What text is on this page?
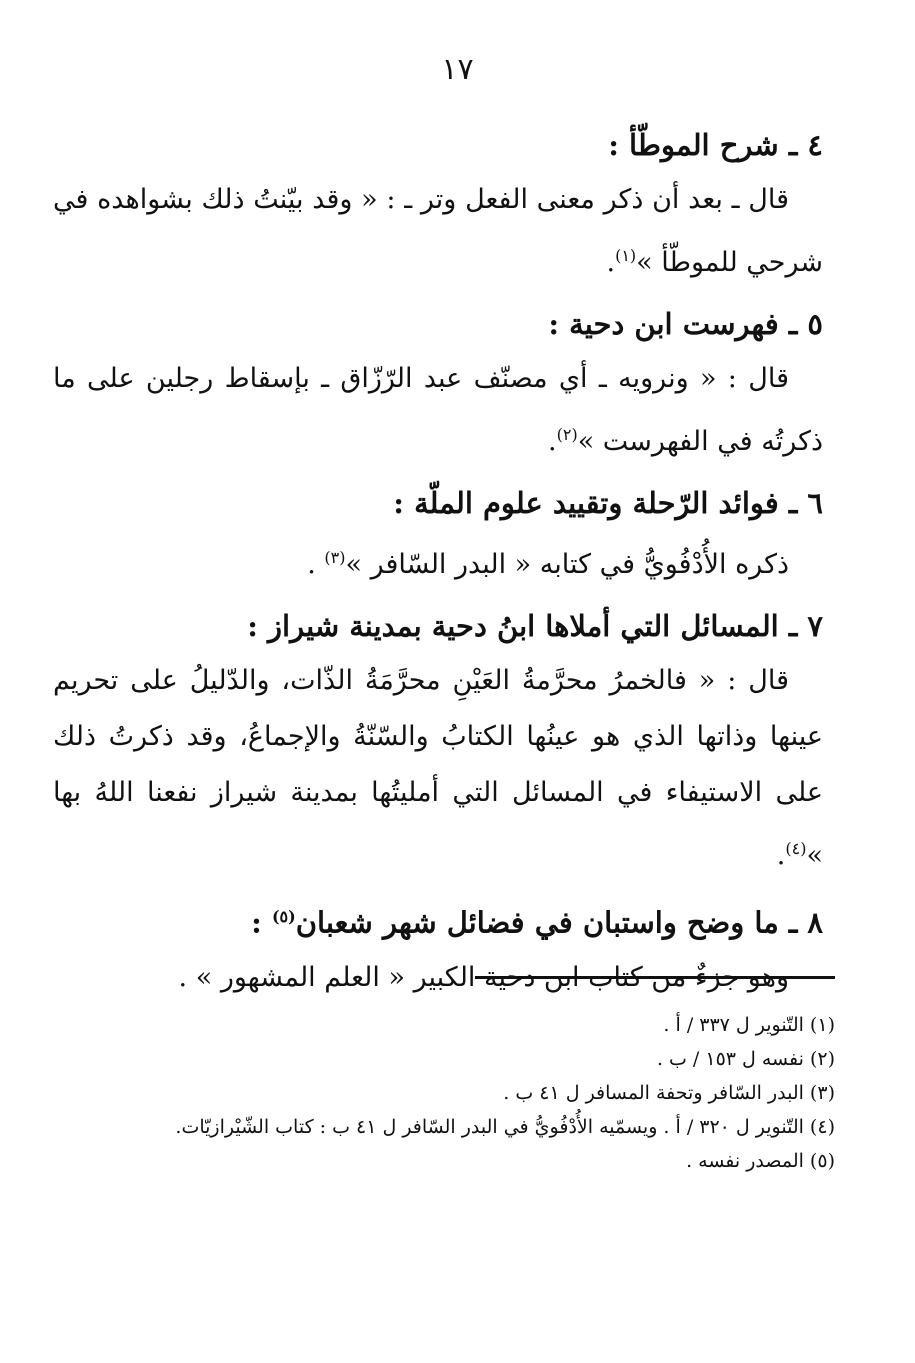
١٧
٤ ـ شرح الموطّأ :

قال ـ بعد أن ذكر معنى الفعل وتر ـ : « وقد بيّنتُ ذلك بشواهده في شرحي للموطّأ »$^{(١)}$.

٥ ـ فهرست ابن دحية :

قال : « ونرويه ـ أي مصنّف عبد الرّزّاق ـ بإسقاط رجلين على ما ذكرتُه في الفهرست »$^{(٢)}$.

٦ ـ فوائد الرّحلة وتقييد علوم الملّة :

ذكره الأُدْفُويُّ في كتابه « البدر السّافر »$^{(٣)}$ .

٧ ـ المسائل التي أملاها ابنُ دحية بمدينة شيراز :

قال : « فالخمرُ محرَّمةُ العَيْنِ محرَّمَةُ الذّات، والدّليلُ على تحريم عينها وذاتها الذي هو عينُها الكتابُ والسّنّةُ والإجماعُ، وقد ذكرتُ ذلك على الاستيفاء في المسائل التي أمليتُها بمدينة شيراز نفعنا اللهُ بها »$^{(٤)}$.

٨ ـ ما وضح واستبان في فضائل شهر شعبان$^{(٥)}$ :

وهو جزءٌ من كتاب ابن دحية الكبير « العلم المشهور » .

(١) التّنوير ل ٣٣٧ / أ .

(٢) نفسه ل ١٥٣ / ب .

(٣) البدر السّافر وتحفة المسافر ل ٤١ ب .

(٤) التّنوير ل ٣٢٠ / أ . ويسمّيه الأُدْفُويُّ في البدر السّافر ل ٤١ ب : كتاب الشّيْرازيّات.

(٥) المصدر نفسه .
